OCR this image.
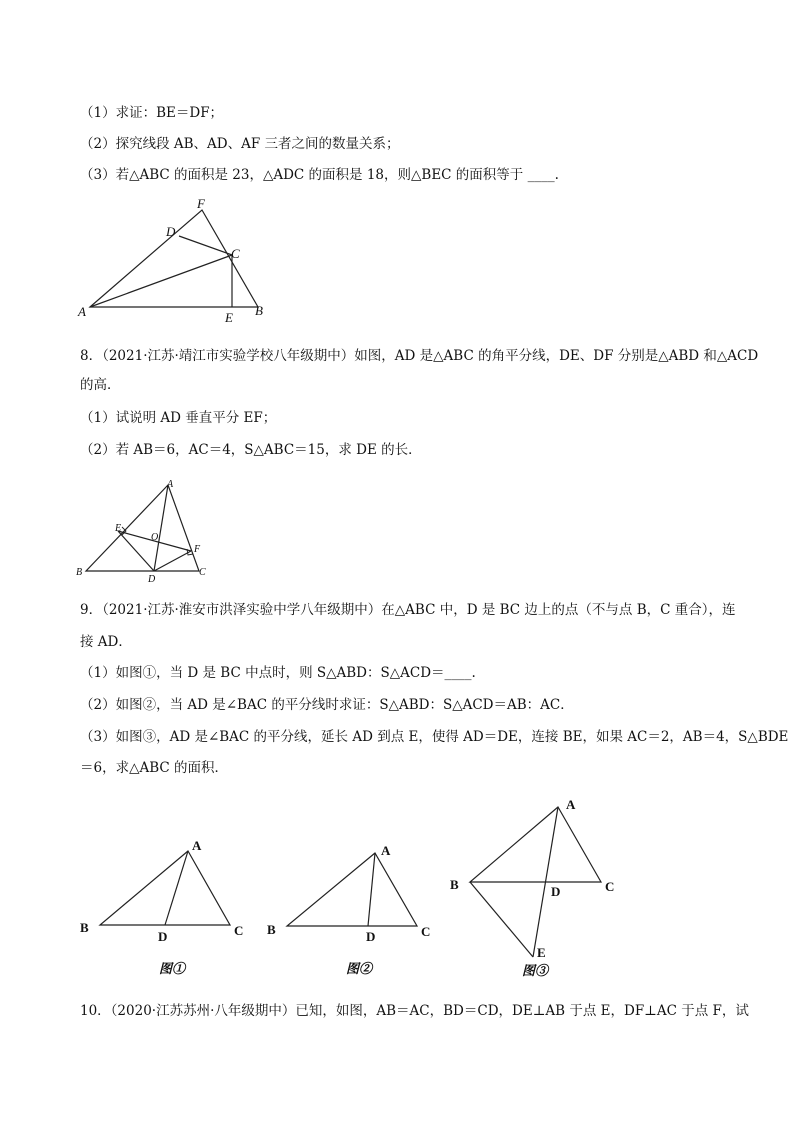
（1）求证：BE＝DF；
（2）探究线段 AB、AD、AF 三者之间的数量关系；
（3）若△ABC 的面积是 23，△ADC 的面积是 18，则△BEC 的面积等于 ____.
F
D
C
A	E B
8．（2021·江苏·靖江市实验学校八年级期中）如图，AD 是△ABC 的角平分线，DE、DF 分别是△ABD 和△ACD
的高．
（1）试说明 AD 垂直平分 EF；
（2）若 AB＝6，AC＝4，S△ABC＝15，求 DE 的长．
A
E
O
F
B
D
C
9．（2021·江苏·淮安市洪泽实验中学八年级期中）在△ABC 中，D 是 BC 边上的点（不与点 B，C 重合），连
接 AD．
（1）如图①，当 D 是 BC 中点时，则 S△ABD：S△ACD＝____.
（2）如图②，当 AD 是∠BAC 的平分线时求证：S△ABD：S△ACD＝AB：AC．
（3）如图③，AD 是∠BAC 的平分线，延长 AD 到点 E，使得 AD＝DE，连接 BE，如果 AC＝2，AB＝4，S△BDE
＝6，求△ABC 的面积．
A
B
D	C
图①
A
B	D	C
图②
A
B	D	C
E
图③
10．（2020·江苏苏州·八年级期中）已知，如图，AB＝AC，BD＝CD，DE⊥AB 于点 E，DF⊥AC 于点 F，试
